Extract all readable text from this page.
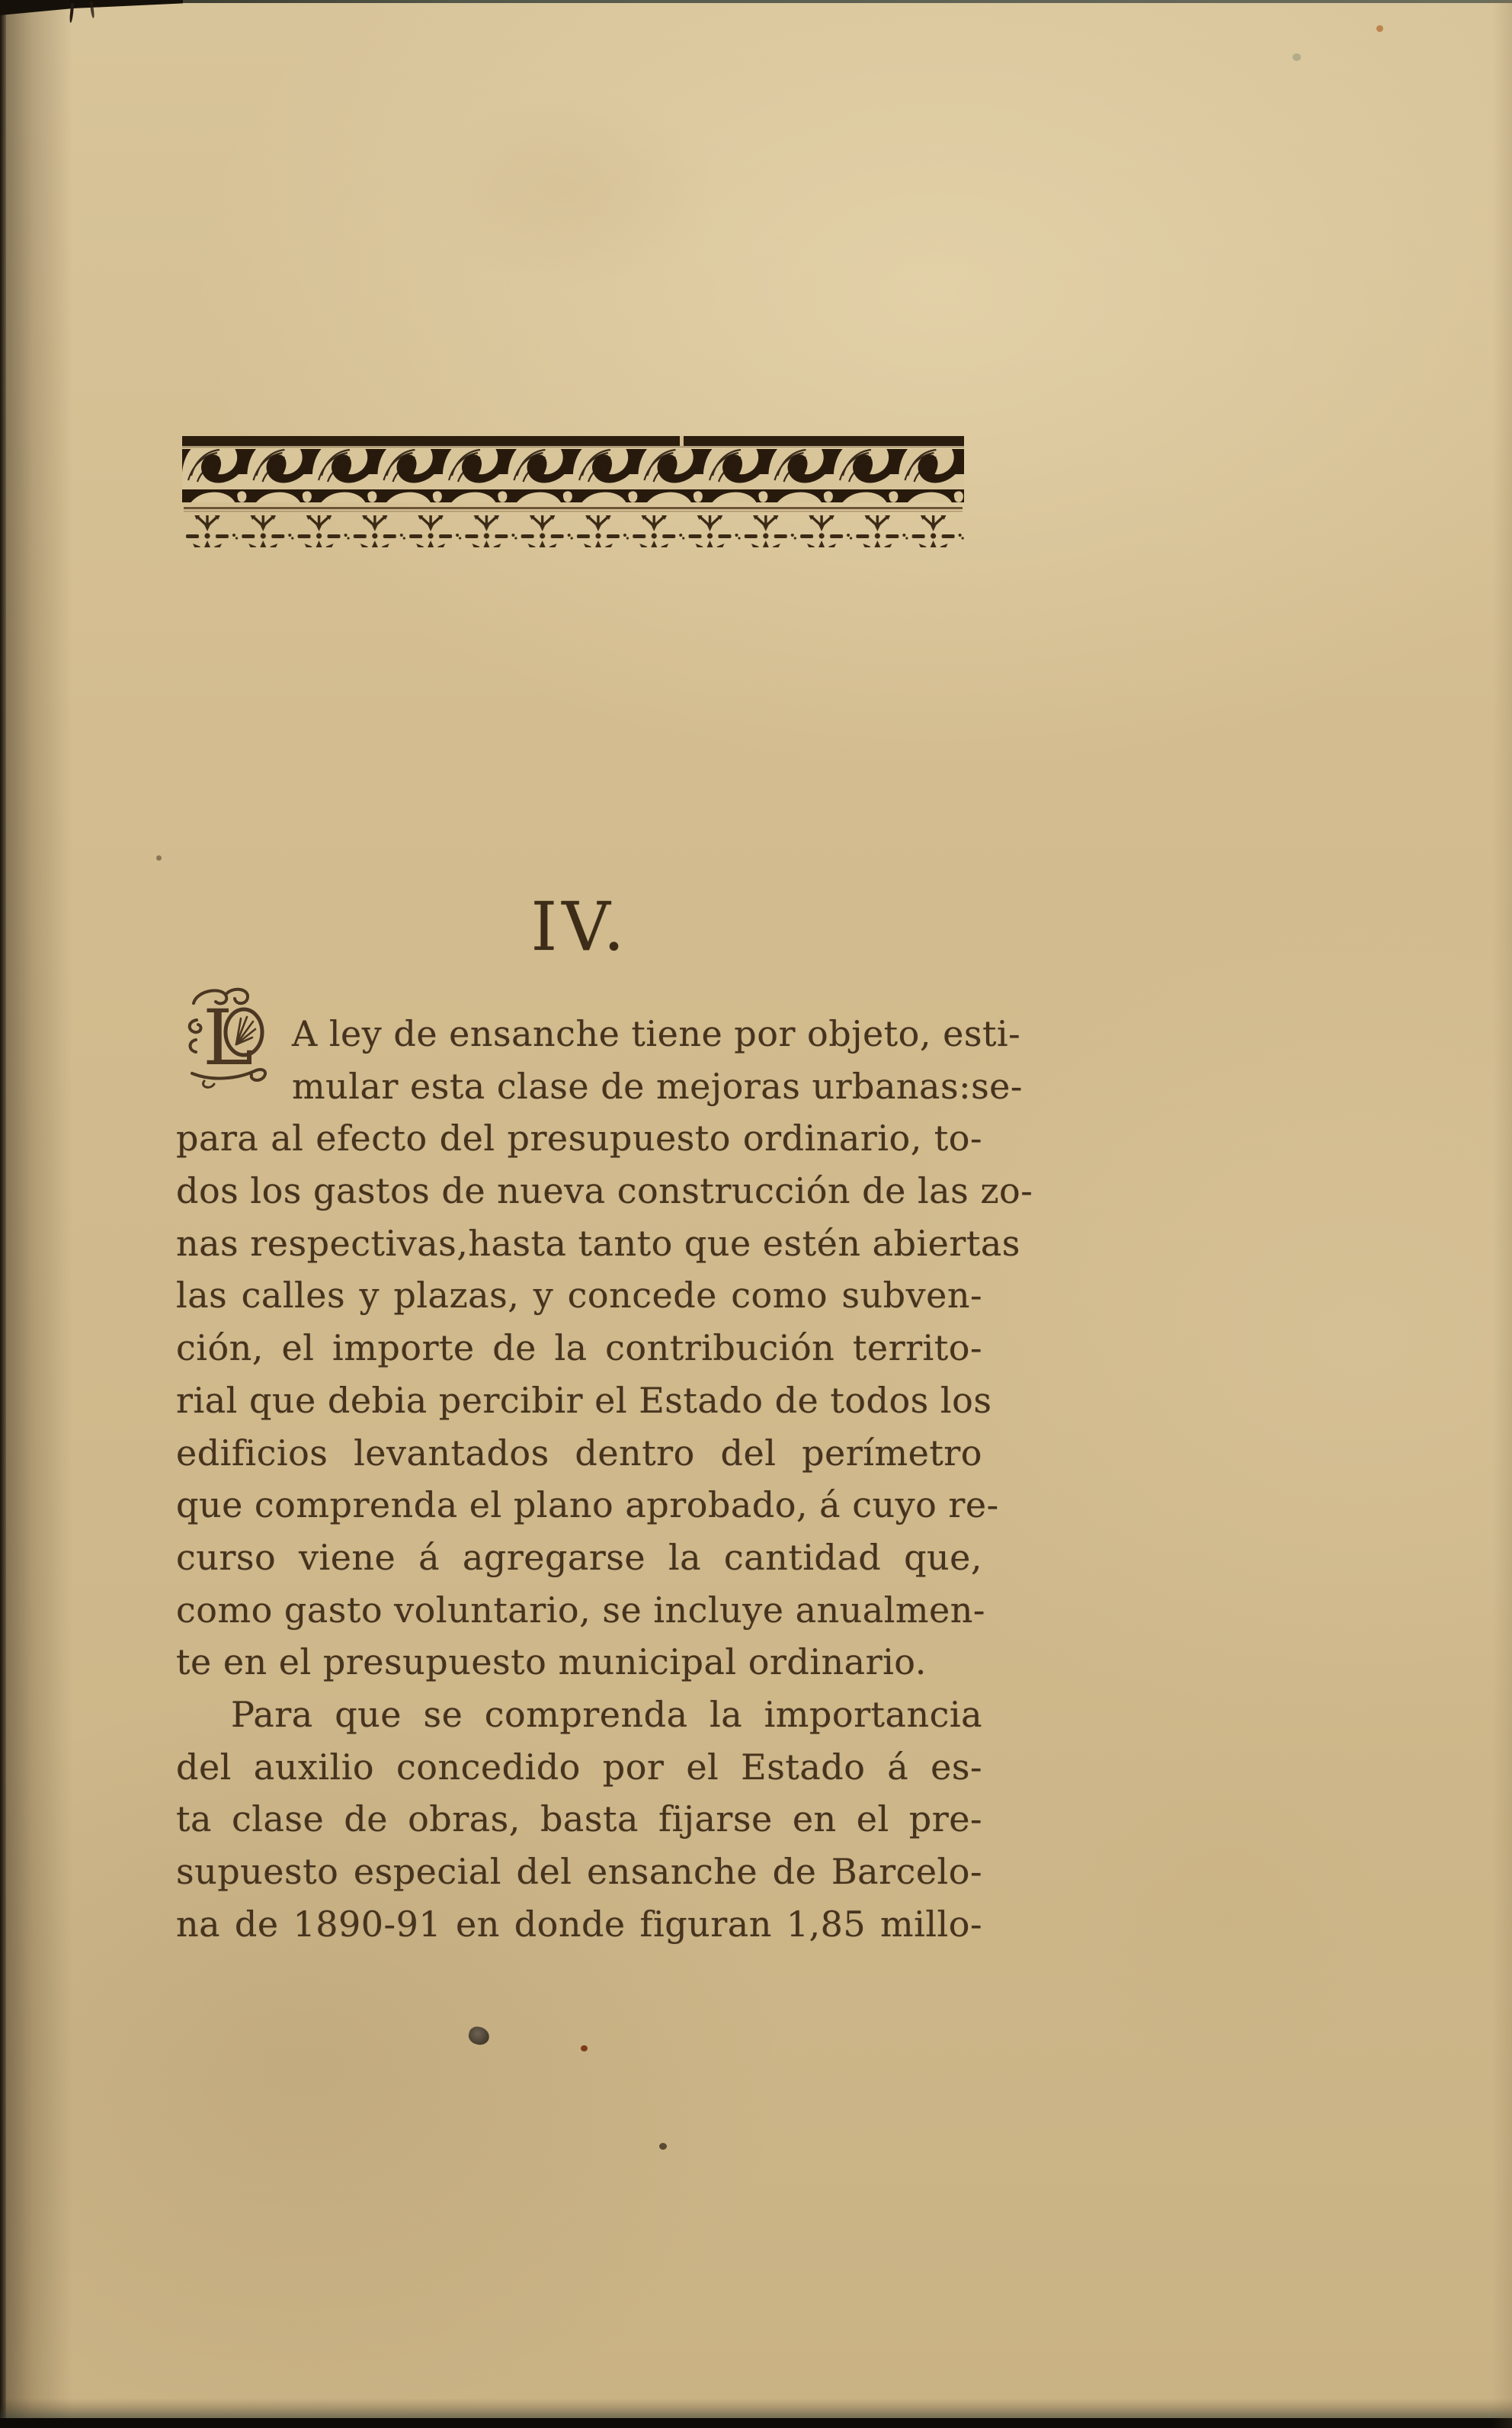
IV.
L	A ley de ensanche tiene por objeto, esti-
mular esta clase de mejoras urbanas:se-
para al efecto del presupuesto ordinario, to-
dos los gastos de nueva construcción de las zo-
nas respectivas,hasta tanto que estén abiertas
las calles y plazas, y concede como subven-
ción, el importe de la contribución territo-
rial que debia percibir el Estado de todos los
edificios levantados dentro del perímetro
que comprenda el plano aprobado, á cuyo re-
curso viene á agregarse la cantidad que,
como gasto voluntario, se incluye anualmen-
te en el presupuesto municipal ordinario.
Para que se comprenda la importancia
del auxilio concedido por el Estado á es-
ta clase de obras, basta fijarse en el pre-
supuesto especial del ensanche de Barcelo-
na de 1890-91 en donde figuran 1,85 millo-
